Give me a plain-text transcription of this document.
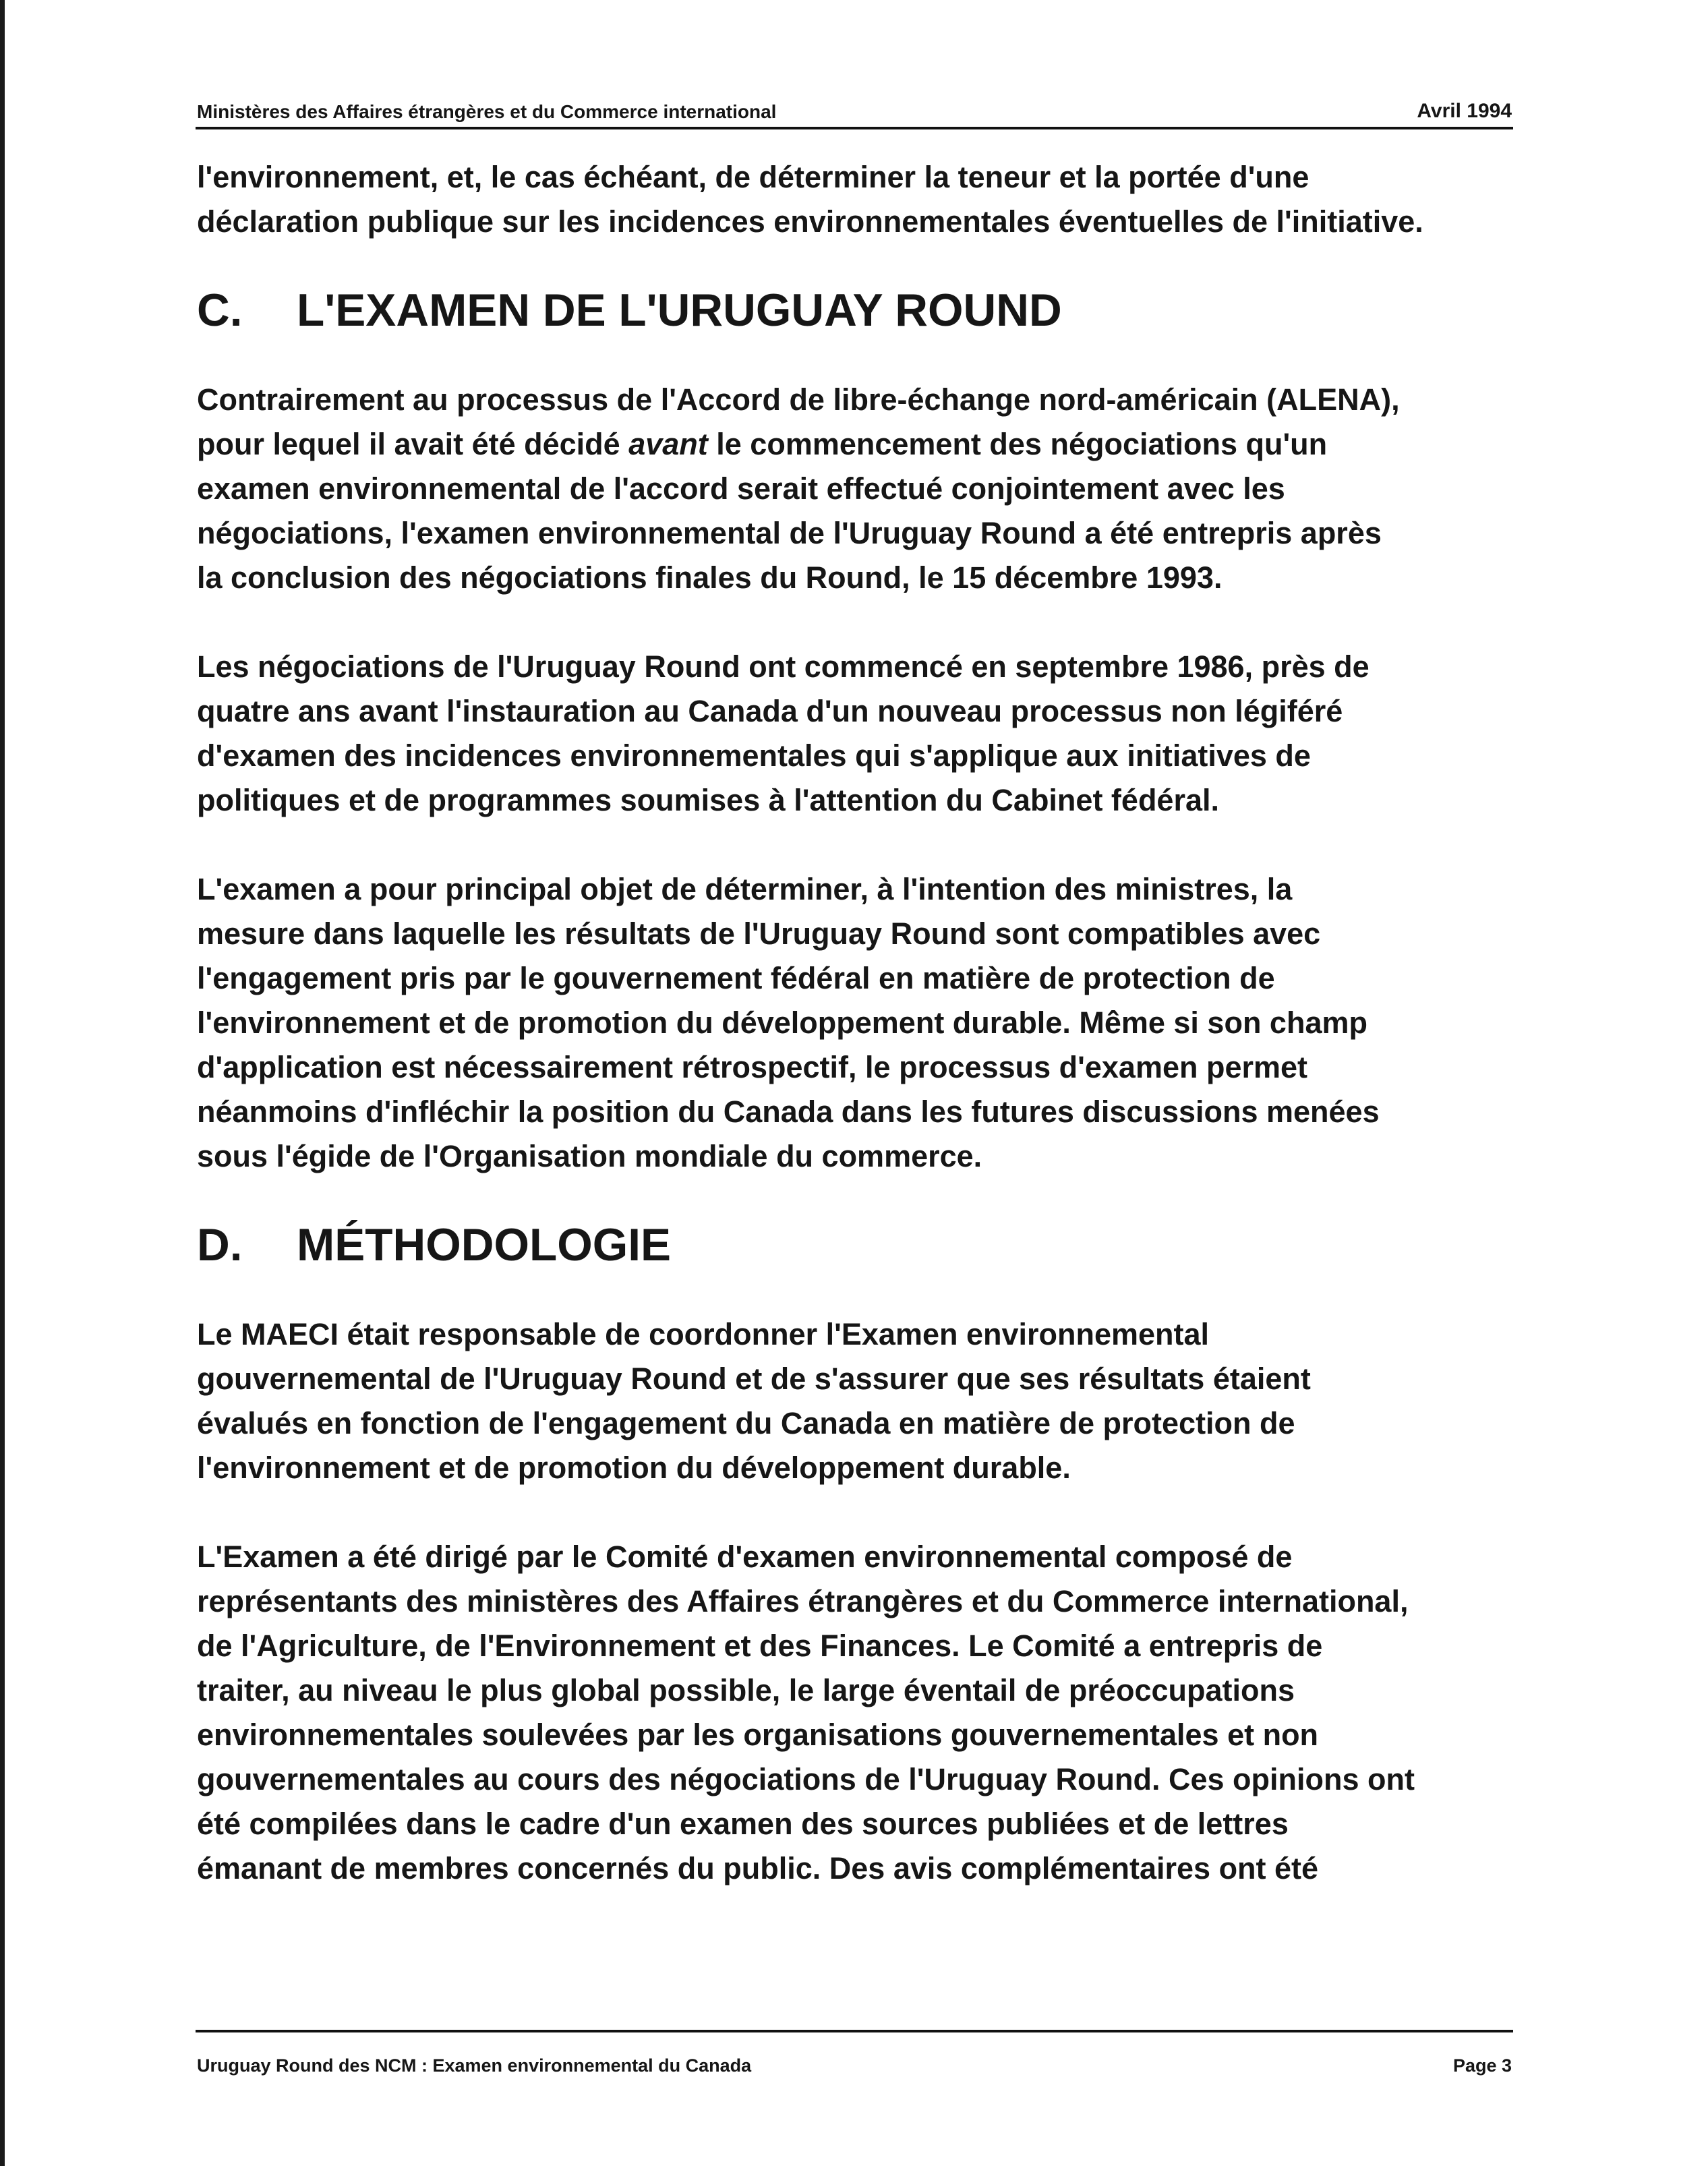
Ministères des Affaires étrangères et du Commerce international	Avril 1994

l'environnement, et, le cas échéant, de déterminer la teneur et la portée d'une
déclaration publique sur les incidences environnementales éventuelles de l'initiative.

C. L'EXAMEN DE L'URUGUAY ROUND

Contrairement au processus de l'Accord de libre-échange nord-américain (ALENA),
pour lequel il avait été décidé avant le commencement des négociations qu'un
examen environnemental de l'accord serait effectué conjointement avec les
négociations, l'examen environnemental de l'Uruguay Round a été entrepris après
la conclusion des négociations finales du Round, le 15 décembre 1993.

Les négociations de l'Uruguay Round ont commencé en septembre 1986, près de
quatre ans avant l'instauration au Canada d'un nouveau processus non légiféré
d'examen des incidences environnementales qui s'applique aux initiatives de
politiques et de programmes soumises à l'attention du Cabinet fédéral.

L'examen a pour principal objet de déterminer, à l'intention des ministres, la
mesure dans laquelle les résultats de l'Uruguay Round sont compatibles avec
l'engagement pris par le gouvernement fédéral en matière de protection de
l'environnement et de promotion du développement durable. Même si son champ
d'application est nécessairement rétrospectif, le processus d'examen permet
néanmoins d'infléchir la position du Canada dans les futures discussions menées
sous l'égide de l'Organisation mondiale du commerce.

D. MÉTHODOLOGIE

Le MAECI était responsable de coordonner l'Examen environnemental
gouvernemental de l'Uruguay Round et de s'assurer que ses résultats étaient
évalués en fonction de l'engagement du Canada en matière de protection de
l'environnement et de promotion du développement durable.

L'Examen a été dirigé par le Comité d'examen environnemental composé de
représentants des ministères des Affaires étrangères et du Commerce international,
de l'Agriculture, de l'Environnement et des Finances. Le Comité a entrepris de
traiter, au niveau le plus global possible, le large éventail de préoccupations
environnementales soulevées par les organisations gouvernementales et non
gouvernementales au cours des négociations de l'Uruguay Round. Ces opinions ont
été compilées dans le cadre d'un examen des sources publiées et de lettres
émanant de membres concernés du public. Des avis complémentaires ont été

Uruguay Round des NCM : Examen environnemental du Canada	Page 3
